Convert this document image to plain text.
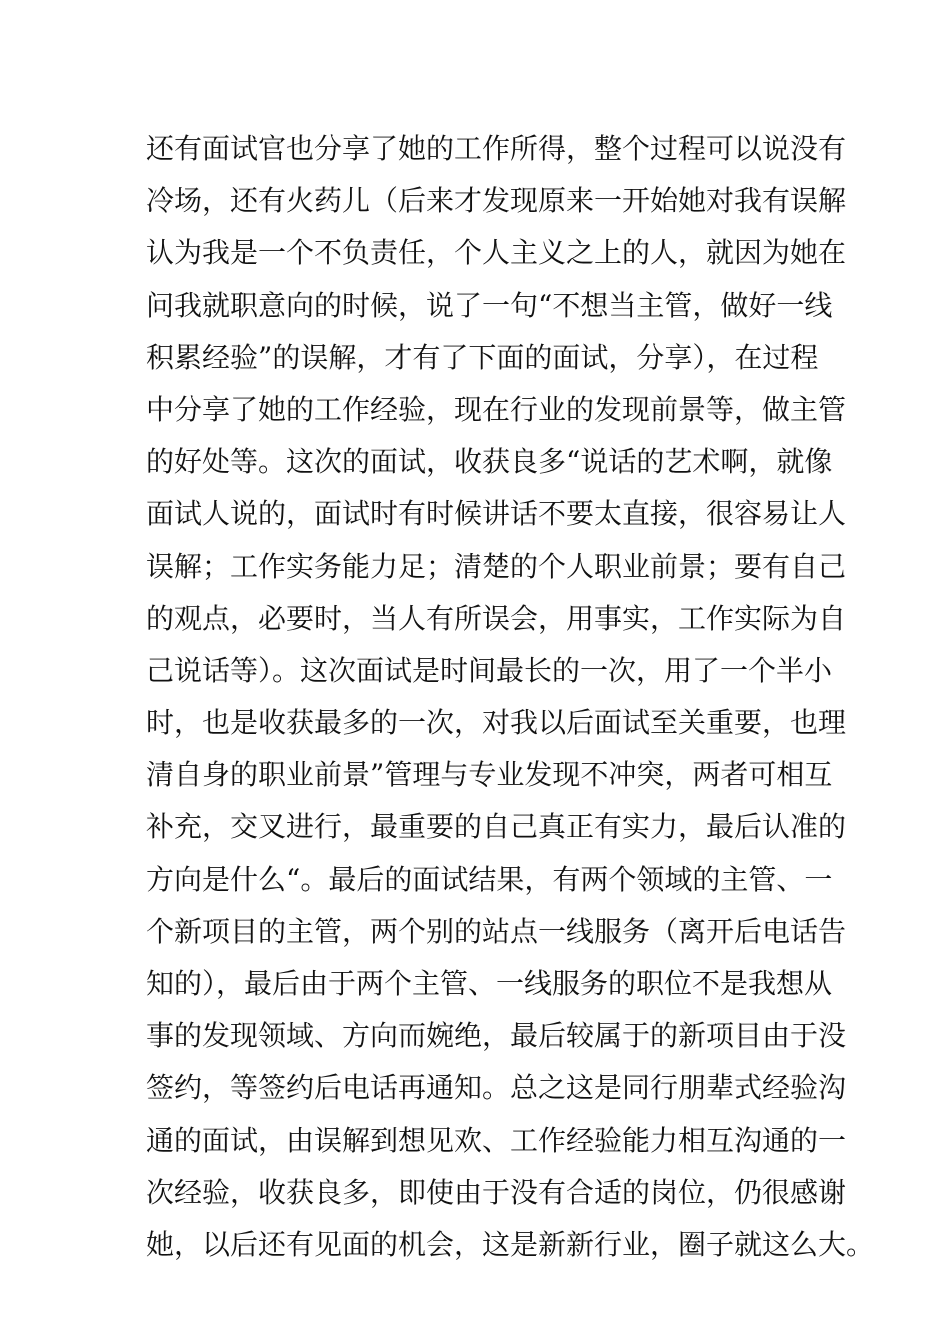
还有面试官也分享了她的工作所得，整个过程可以说没有
冷场，还有火药儿（后来才发现原来一开始她对我有误解
认为我是一个不负责任，个人主义之上的人，就因为她在
问我就职意向的时候，说了一句“不想当主管，做好一线
积累经验”的误解，才有了下面的面试，分享），在过程
中分享了她的工作经验，现在行业的发现前景等，做主管
的好处等。这次的面试，收获良多“说话的艺术啊，就像
面试人说的，面试时有时候讲话不要太直接，很容易让人
误解；工作实务能力足；清楚的个人职业前景；要有自己
的观点，必要时，当人有所误会，用事实，工作实际为自
己说话等）。这次面试是时间最长的一次，用了一个半小
时，也是收获最多的一次，对我以后面试至关重要，也理
清自身的职业前景”管理与专业发现不冲突，两者可相互
补充，交叉进行，最重要的自己真正有实力，最后认准的
方向是什么“。最后的面试结果，有两个领域的主管、一
个新项目的主管，两个别的站点一线服务（离开后电话告
知的），最后由于两个主管、一线服务的职位不是我想从
事的发现领域、方向而婉绝，最后较属于的新项目由于没
签约，等签约后电话再通知。总之这是同行朋辈式经验沟
通的面试，由误解到想见欢、工作经验能力相互沟通的一
次经验，收获良多，即使由于没有合适的岗位，仍很感谢
她，以后还有见面的机会，这是新新行业，圈子就这么大。
